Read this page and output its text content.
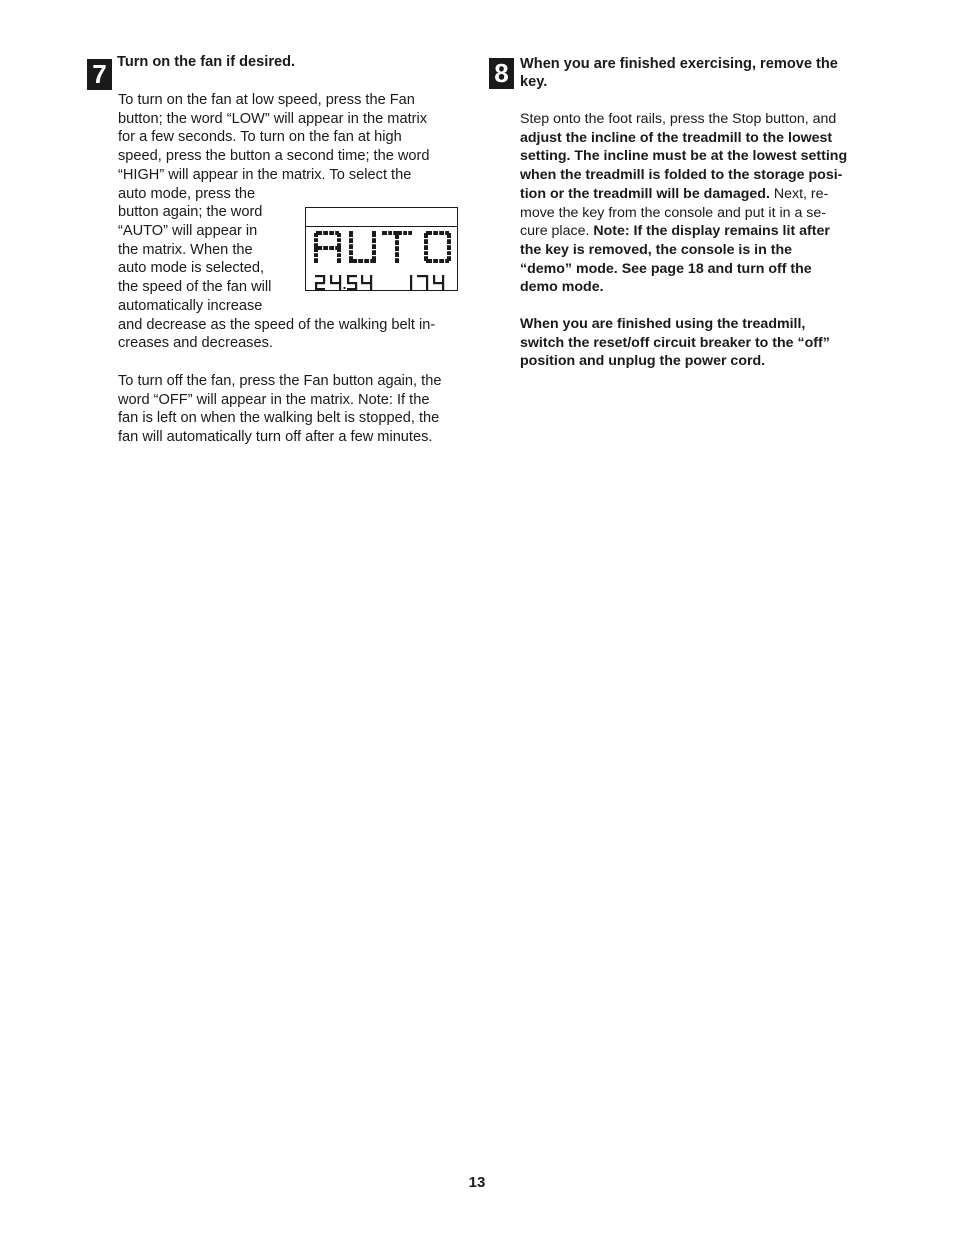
7 Turn on the fan if desired.

To turn on the fan at low speed, press the Fan

button; the word “LOW” will appear in the matrix

for a few seconds. To turn on the fan at high

speed, press the button a second time; the word

“HIGH” will appear in the matrix. To select the

auto mode, press the

button again; the word

“AUTO” will appear in

the matrix. When the

auto mode is selected,

the speed of the fan will

automatically increase

and decrease as the speed of the walking belt in-

creases and decreases.

To turn off the fan, press the Fan button again, the

word “OFF” will appear in the matrix. Note: If the

fan is left on when the walking belt is stopped, the

fan will automatically turn off after a few minutes.

8 When you are finished exercising, remove the
key.

Step onto the foot rails, press the Stop button, and

adjust the incline of the treadmill to the lowest

setting. The incline must be at the lowest setting

when the treadmill is folded to the storage posi-

tion or the treadmill will be damaged. Next, re-

move the key from the console and put it in a se-

cure place. Note: If the display remains lit after

the key is removed, the console is in the

“demo” mode. See page 18 and turn off the

demo mode.

When you are finished using the treadmill,

switch the reset/off circuit breaker to the “off”

position and unplug the power cord.

13
